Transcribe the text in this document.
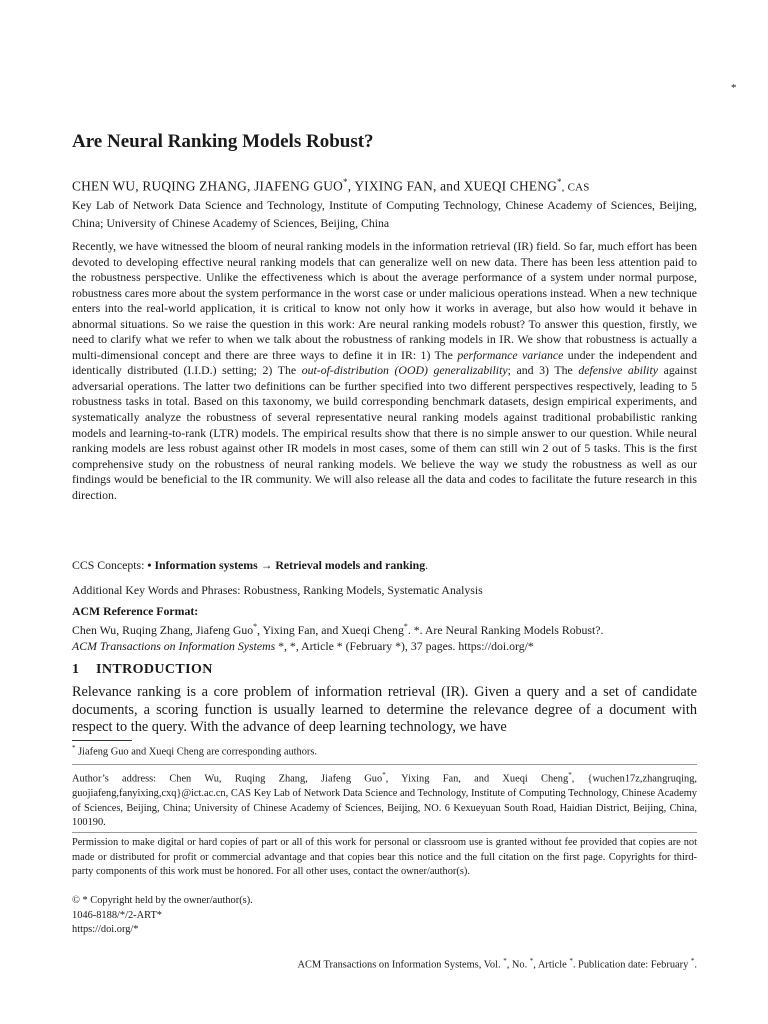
*
Are Neural Ranking Models Robust?
CHEN WU, RUQING ZHANG, JIAFENG GUO*, YIXING FAN, and XUEQI CHENG*, CAS
Key Lab of Network Data Science and Technology, Institute of Computing Technology, Chinese Academy of Sciences, Beijing, China; University of Chinese Academy of Sciences, Beijing, China
Recently, we have witnessed the bloom of neural ranking models in the information retrieval (IR) field. So far, much effort has been devoted to developing effective neural ranking models that can generalize well on new data. There has been less attention paid to the robustness perspective. Unlike the effectiveness which is about the average performance of a system under normal purpose, robustness cares more about the system performance in the worst case or under malicious operations instead. When a new technique enters into the real-world application, it is critical to know not only how it works in average, but also how would it behave in abnormal situations. So we raise the question in this work: Are neural ranking models robust? To answer this question, firstly, we need to clarify what we refer to when we talk about the robustness of ranking models in IR. We show that robustness is actually a multi-dimensional concept and there are three ways to define it in IR: 1) The performance variance under the independent and identically distributed (I.I.D.) setting; 2) The out-of-distribution (OOD) generalizability; and 3) The defensive ability against adversarial operations. The latter two definitions can be further specified into two different perspectives respectively, leading to 5 robustness tasks in total. Based on this taxonomy, we build corresponding benchmark datasets, design empirical experiments, and systematically analyze the robustness of several representative neural ranking models against traditional probabilistic ranking models and learning-to-rank (LTR) models. The empirical results show that there is no simple answer to our question. While neural ranking models are less robust against other IR models in most cases, some of them can still win 2 out of 5 tasks. This is the first comprehensive study on the robustness of neural ranking models. We believe the way we study the robustness as well as our findings would be beneficial to the IR community. We will also release all the data and codes to facilitate the future research in this direction.
CCS Concepts: • Information systems → Retrieval models and ranking.
Additional Key Words and Phrases: Robustness, Ranking Models, Systematic Analysis
ACM Reference Format:
Chen Wu, Ruqing Zhang, Jiafeng Guo*, Yixing Fan, and Xueqi Cheng*. *. Are Neural Ranking Models Robust?.
ACM Transactions on Information Systems *, *, Article * (February *), 37 pages. https://doi.org/*
1 INTRODUCTION
Relevance ranking is a core problem of information retrieval (IR). Given a query and a set of candidate documents, a scoring function is usually learned to determine the relevance degree of a document with respect to the query. With the advance of deep learning technology, we have
* Jiafeng Guo and Xueqi Cheng are corresponding authors.
Author’s address: Chen Wu, Ruqing Zhang, Jiafeng Guo*, Yixing Fan, and Xueqi Cheng*, {wuchen17z,zhangruqing, guojiafeng,fanyixing,cxq}@ict.ac.cn, CAS Key Lab of Network Data Science and Technology, Institute of Computing Technology, Chinese Academy of Sciences, Beijing, China; University of Chinese Academy of Sciences, Beijing, NO. 6 Kexueyuan South Road, Haidian District, Beijing, China, 100190.
Permission to make digital or hard copies of part or all of this work for personal or classroom use is granted without fee provided that copies are not made or distributed for profit or commercial advantage and that copies bear this notice and the full citation on the first page. Copyrights for third-party components of this work must be honored. For all other uses, contact the owner/author(s).
© * Copyright held by the owner/author(s).
1046-8188/*/2-ART*
https://doi.org/*
ACM Transactions on Information Systems, Vol. *, No. *, Article *. Publication date: February *.
